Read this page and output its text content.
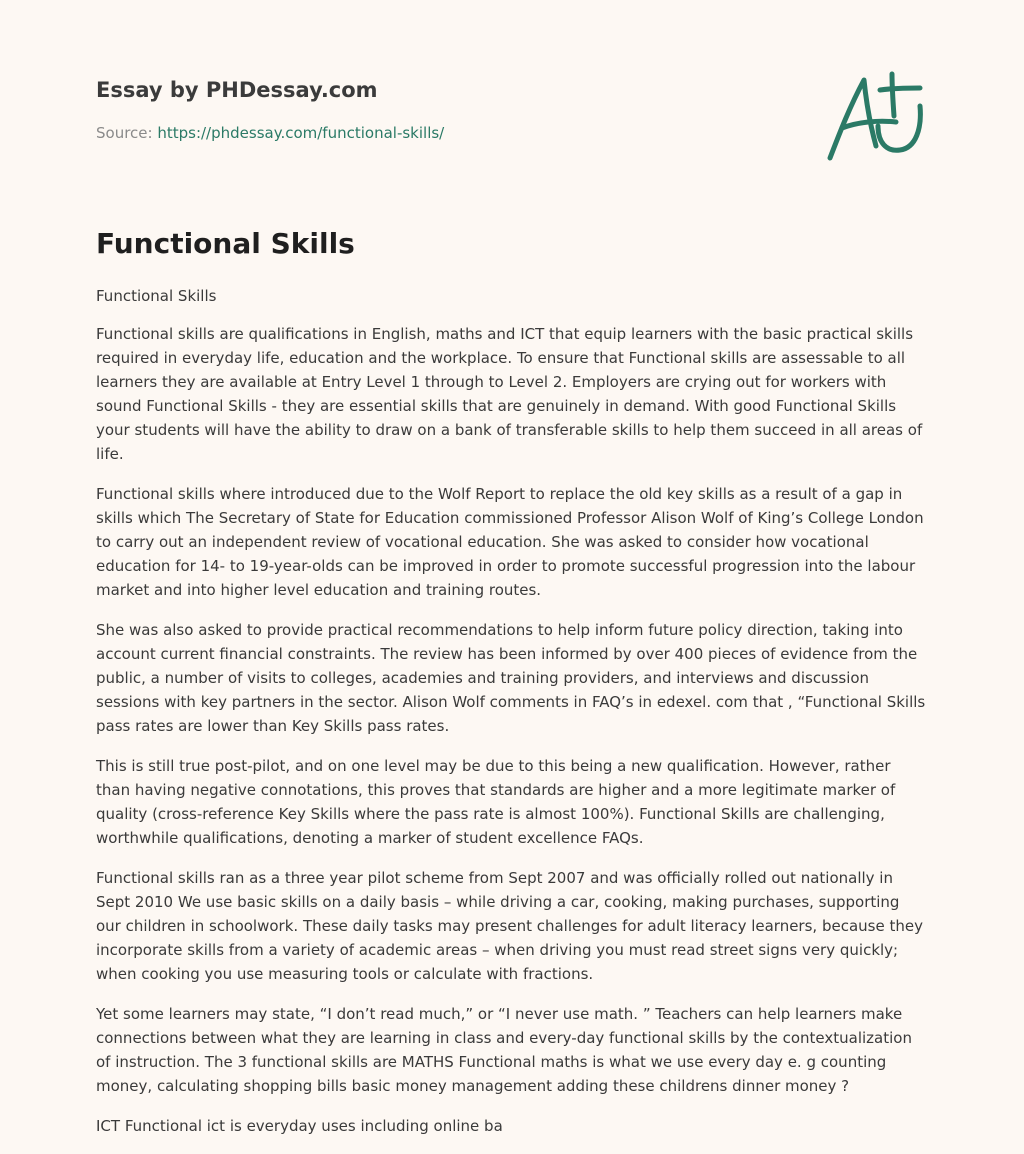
Essay by PHDessay.com

Source: https://phdessay.com/functional-skills/

Functional Skills

Functional Skills

Functional skills are qualifications in English, maths and ICT that equip learners with the basic practical skills required in everyday life, education and the workplace. To ensure that Functional skills are assessable to all learners they are available at Entry Level 1 through to Level 2. Employers are crying out for workers with sound Functional Skills - they are essential skills that are genuinely in demand. With good Functional Skills your students will have the ability to draw on a bank of transferable skills to help them succeed in all areas of life.

Functional skills where introduced due to the Wolf Report to replace the old key skills as a result of a gap in skills which The Secretary of State for Education commissioned Professor Alison Wolf of King’s College London to carry out an independent review of vocational education. She was asked to consider how vocational education for 14- to 19-year-olds can be improved in order to promote successful progression into the labour market and into higher level education and training routes.

She was also asked to provide practical recommendations to help inform future policy direction, taking into account current financial constraints. The review has been informed by over 400 pieces of evidence from the public, a number of visits to colleges, academies and training providers, and interviews and discussion sessions with key partners in the sector. Alison Wolf comments in FAQ’s in edexel. com that , “Functional Skills pass rates are lower than Key Skills pass rates.

This is still true post-pilot, and on one level may be due to this being a new qualification. However, rather than having negative connotations, this proves that standards are higher and a more legitimate marker of quality (cross-reference Key Skills where the pass rate is almost 100%). Functional Skills are challenging, worthwhile qualifications, denoting a marker of student excellence FAQs.

Functional skills ran as a three year pilot scheme from Sept 2007 and was officially rolled out nationally in Sept 2010 We use basic skills on a daily basis – while driving a car, cooking, making purchases, supporting our children in schoolwork. These daily tasks may present challenges for adult literacy learners, because they incorporate skills from a variety of academic areas – when driving you must read street signs very quickly; when cooking you use measuring tools or calculate with fractions.

Yet some learners may state, “I don’t read much,” or “I never use math. ” Teachers can help learners make connections between what they are learning in class and every-day functional skills by the contextualization of instruction. The 3 functional skills are MATHS Functional maths is what we use every day e. g counting money, calculating shopping bills basic money management adding these childrens dinner money ?

ICT Functional ict is everyday uses including online ba
